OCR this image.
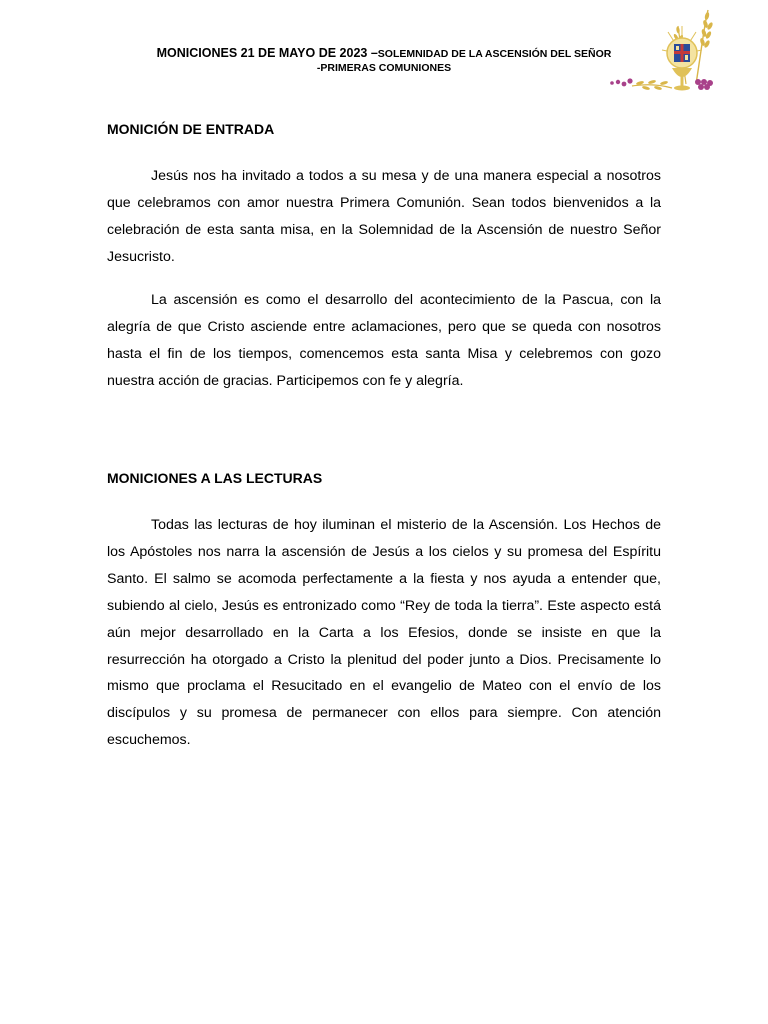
MONICIONES 21 DE MAYO DE 2023 –SOLEMNIDAD DE LA ASCENSIÓN DEL SEÑOR
-PRIMERAS COMUNIONES
MONICIÓN DE ENTRADA

Jesús nos ha invitado a todos a su mesa y de una manera especial a nosotros que celebramos con amor nuestra Primera Comunión. Sean todos bienvenidos a la celebración de esta santa misa, en la Solemnidad de la Ascensión de nuestro Señor Jesucristo.

La ascensión es como el desarrollo del acontecimiento de la Pascua, con la alegría de que Cristo asciende entre aclamaciones, pero que se queda con nosotros hasta el fin de los tiempos, comencemos esta santa Misa y celebremos con gozo nuestra acción de gracias. Participemos con fe y alegría.

MONICIONES A LAS LECTURAS

Todas las lecturas de hoy iluminan el misterio de la Ascensión. Los Hechos de los Apóstoles nos narra la ascensión de Jesús a los cielos y su promesa del Espíritu Santo. El salmo se acomoda perfectamente a la fiesta y nos ayuda a entender que, subiendo al cielo, Jesús es entronizado como “Rey de toda la tierra”. Este aspecto está aún mejor desarrollado en la Carta a los Efesios, donde se insiste en que la resurrección ha otorgado a Cristo la plenitud del poder junto a Dios. Precisamente lo mismo que proclama el Resucitado en el evangelio de Mateo con el envío de los discípulos y su promesa de permanecer con ellos para siempre. Con atención escuchemos.
